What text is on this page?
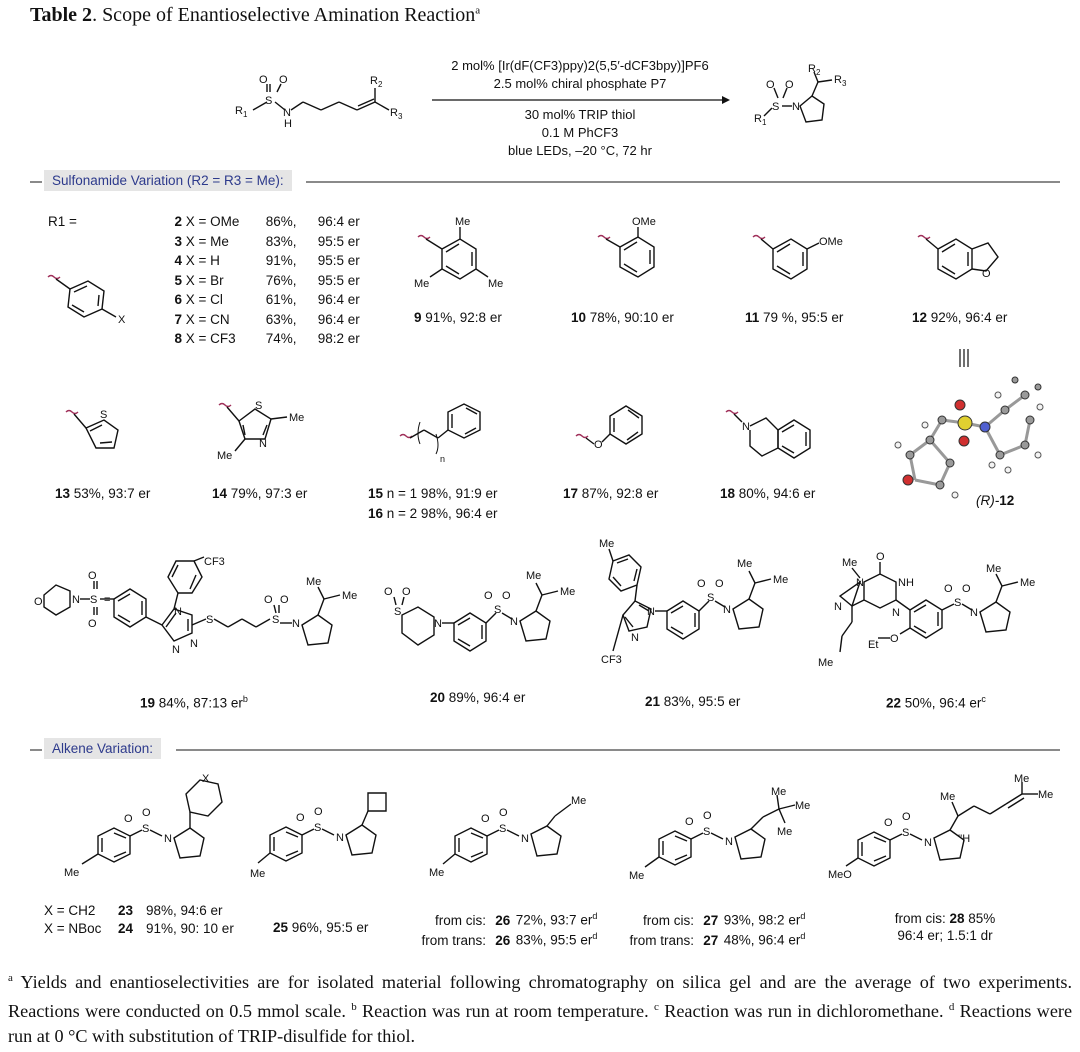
Table 2. Scope of Enantioselective Amination Reaction$^a$
R 1
S
O O
N
H
R 2
R 3
2 mol% [Ir(dF(CF3)ppy)2(5,5′-dCF3bpy)]PF6
2.5 mol% chiral phosphate P7
30 mol% TRIP thiol
0.1 M PhCF3
blue LEDs, –20 °C, 72 hr
N
S
O O
R 1
R 2
R 3
Sulfonamide Variation (R2 = R3 = Me):
R1 =
X
2 X = OMe 86%, 96:4 er
3 X = Me	83%, 95:5 er
4 X = H	91%, 95:5 er
5 X = Br	76%, 95:5 er
6 X = Cl	61%, 96:4 er
7 X = CN	63%, 96:4 er
8 X = CF3 74%, 98:2 er
Me
Me	Me
9 91%, 92:8 er
OMe
10 78%, 90:10 er
OMe
11 79 %, 95:5 er
O
12 92%, 96:4 er
(R)-12
S
13 53%, 93:7 er
S
N
Me
Me
14 79%, 97:3 er
n
15 n = 1 98%, 91:9 er
16 n = 2 98%, 96:4 er
O
17 87%, 92:8 er
N
18 80%, 94:6 er
O	N S
O
O
=
N
N N
CF3
S	S
O O
N
Me
Me
19 84%, 87:13 $er^b$
S
N
O O
S
O O
N
Me
Me
20 89%, 96:4 er
Me
N
N
CF3
S
O O
N
Me
Me
21 83%, 95:5 er
Me
N
O
NH
N
Me
N
O
Et
S
O O
N
Me
Me
22 50%, 96:4 $er^c$
Alkene Variation:
X
N
S
O O
Me
N
S
O O
Me
25 96%, 95:5 er
Me
N
S
O O
Me
Me
Me
Me
N
S
O O
Me
Me
Me
Me
''H
N
S
O O
MeO
X = CH2 23 98%, 94:6 er
X = NBoc 24 91%, 90: 10 er
from cis: 26 72%, 93:7 $er^d$
from trans: 26 83%, 95:5 $er^d$
from cis: 27 93%, 98:2 $er^d$
from trans: 27 48%, 96:4 $er^d$
from cis: 28 85%
96:4 er; 1.5:1 dr
$^a$ Yields and enantioselectivities are for isolated material following chromatography on silica gel and are the average of two experiments. Reactions were conducted on 0.5 mmol scale. $^b$ Reaction was run at room temperature. $^c$ Reaction was run in dichloromethane. $^d$ Reactions were run at 0 °C with substitution of TRIP-disulfide for thiol.
